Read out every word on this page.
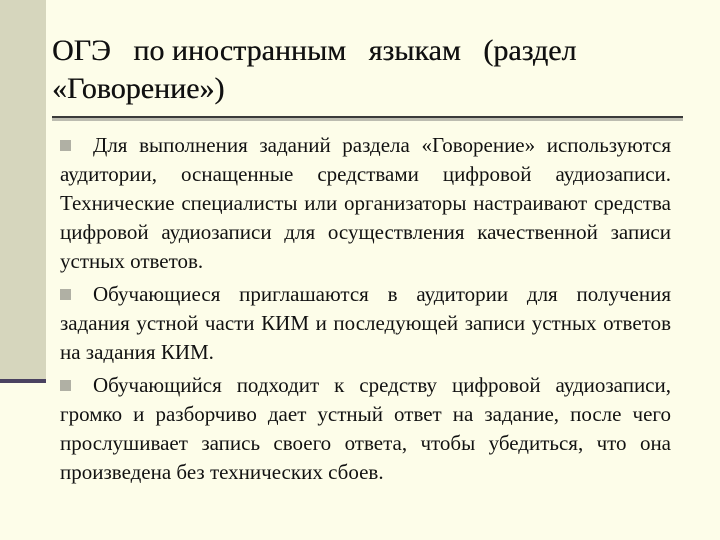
ОГЭ   по иностранным   языкам   (раздел
«Говорение»)

Для выполнения заданий раздела «Говорение» используются аудитории, оснащенные средствами цифровой аудиозаписи. Технические специалисты или организаторы настраивают средства цифровой аудиозаписи для осуществления качественной записи устных ответов.

Обучающиеся приглашаются в аудитории для получения задания устной части КИМ и последующей записи устных ответов на задания КИМ.

Обучающийся подходит к средству цифровой аудиозаписи, громко и разборчиво дает устный ответ на задание, после чего прослушивает запись своего ответа, чтобы убедиться, что она произведена без технических сбоев.
